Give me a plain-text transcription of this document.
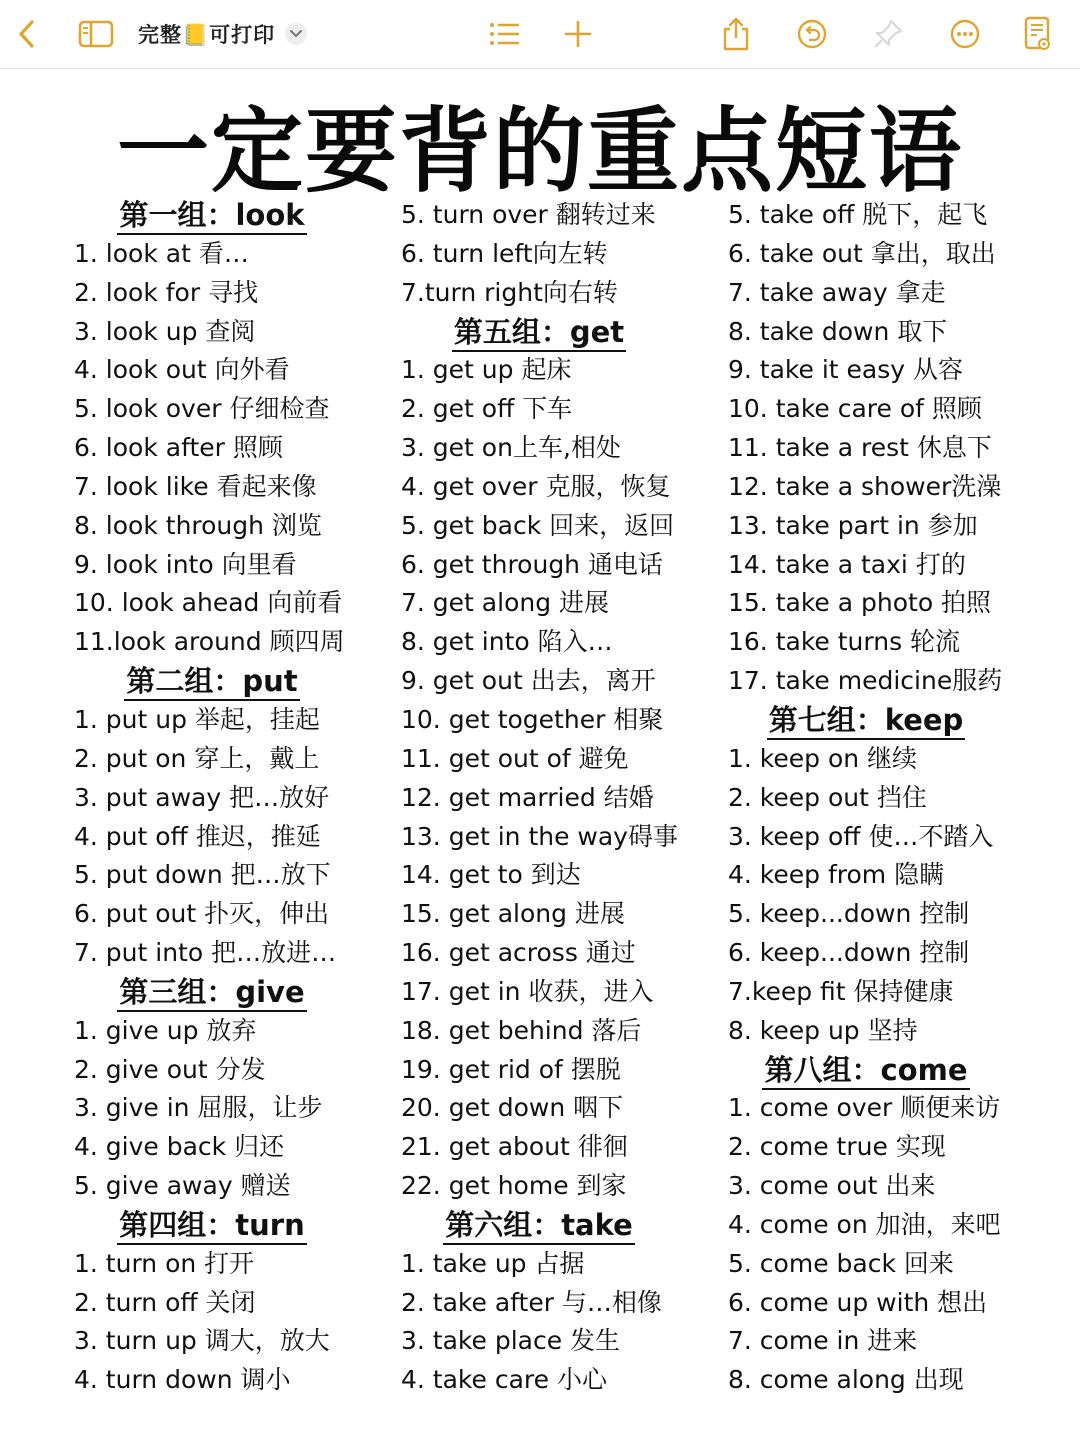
完整📒可打印
一定要背的重点短语
第一组：look
1. look at 看…
2. look for 寻找
3. look up 查阅
4. look out 向外看
5. look over 仔细检查
6. look after 照顾
7. look like 看起来像
8. look through 浏览
9. look into 向里看
10. look ahead 向前看
11.look around 顾四周
第二组：put
1. put up 举起，挂起
2. put on 穿上，戴上
3. put away 把…放好
4. put off 推迟，推延
5. put down 把…放下
6. put out 扑灭，伸出
7. put into 把…放进…
第三组：give
1. give up 放弃
2. give out 分发
3. give in 屈服，让步
4. give back 归还
5. give away 赠送
第四组：turn
1. turn on 打开
2. turn off 关闭
3. turn up 调大，放大
4. turn down 调小
5. turn over 翻转过来
6. turn left向左转
7.turn right向右转
第五组：get
1. get up 起床
2. get off 下车
3. get on上车,相处
4. get over 克服，恢复
5. get back 回来，返回
6. get through 通电话
7. get along 进展
8. get into 陷入…
9. get out 出去，离开
10. get together 相聚
11. get out of 避免
12. get married 结婚
13. get in the way碍事
14. get to 到达
15. get along 进展
16. get across 通过
17. get in 收获，进入
18. get behind 落后
19. get rid of 摆脱
20. get down 咽下
21. get about 徘徊
22. get home 到家
第六组：take
1. take up 占据
2. take after 与…相像
3. take place 发生
4. take care 小心
5. take off 脱下，起飞
6. take out 拿出，取出
7. take away 拿走
8. take down 取下
9. take it easy 从容
10. take care of 照顾
11. take a rest 休息下
12. take a shower洗澡
13. take part in 参加
14. take a taxi 打的
15. take a photo 拍照
16. take turns 轮流
17. take medicine服药
第七组：keep
1. keep on 继续
2. keep out 挡住
3. keep off 使…不踏入
4. keep from 隐瞒
5. keep...down 控制
6. keep...down 控制
7.keep fit 保持健康
8. keep up 坚持
第八组：come
1. come over 顺便来访
2. come true 实现
3. come out 出来
4. come on 加油，来吧
5. come back 回来
6. come up with 想出
7. come in 进来
8. come along 出现
